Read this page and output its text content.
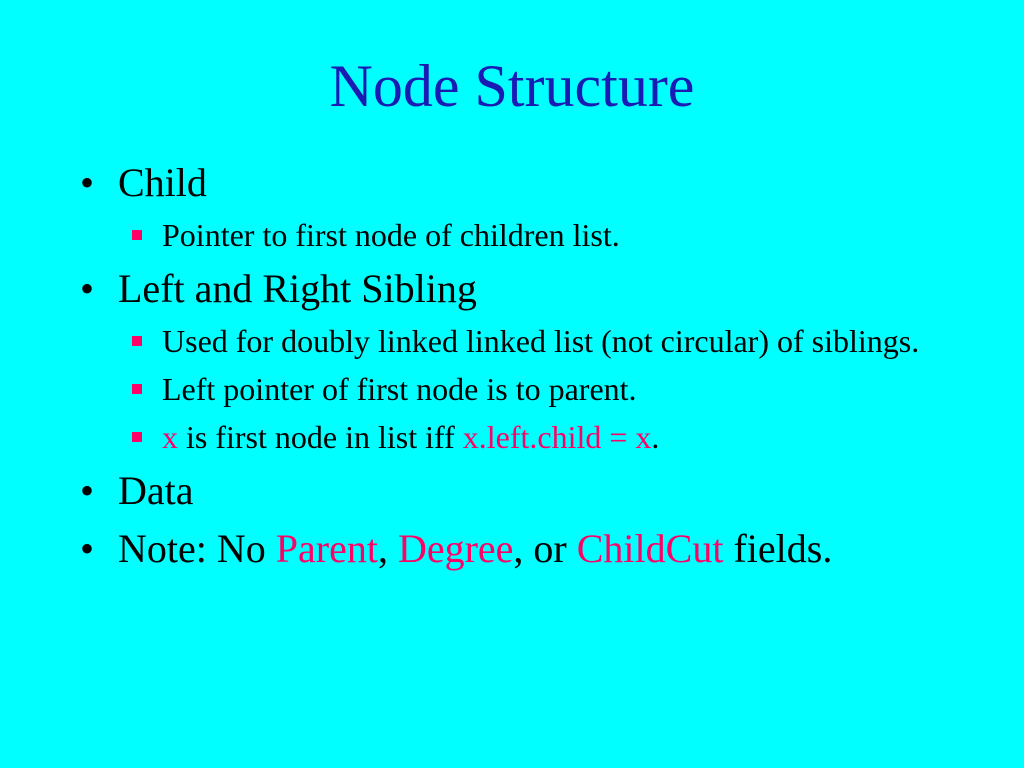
Node Structure
• Child
Pointer to first node of children list.
• Left and Right Sibling
Used for doubly linked linked list (not circular) of siblings.
Left pointer of first node is to parent.
x is first node in list iff x.left.child = x.
• Data
• Note: No Parent, Degree, or ChildCut fields.
